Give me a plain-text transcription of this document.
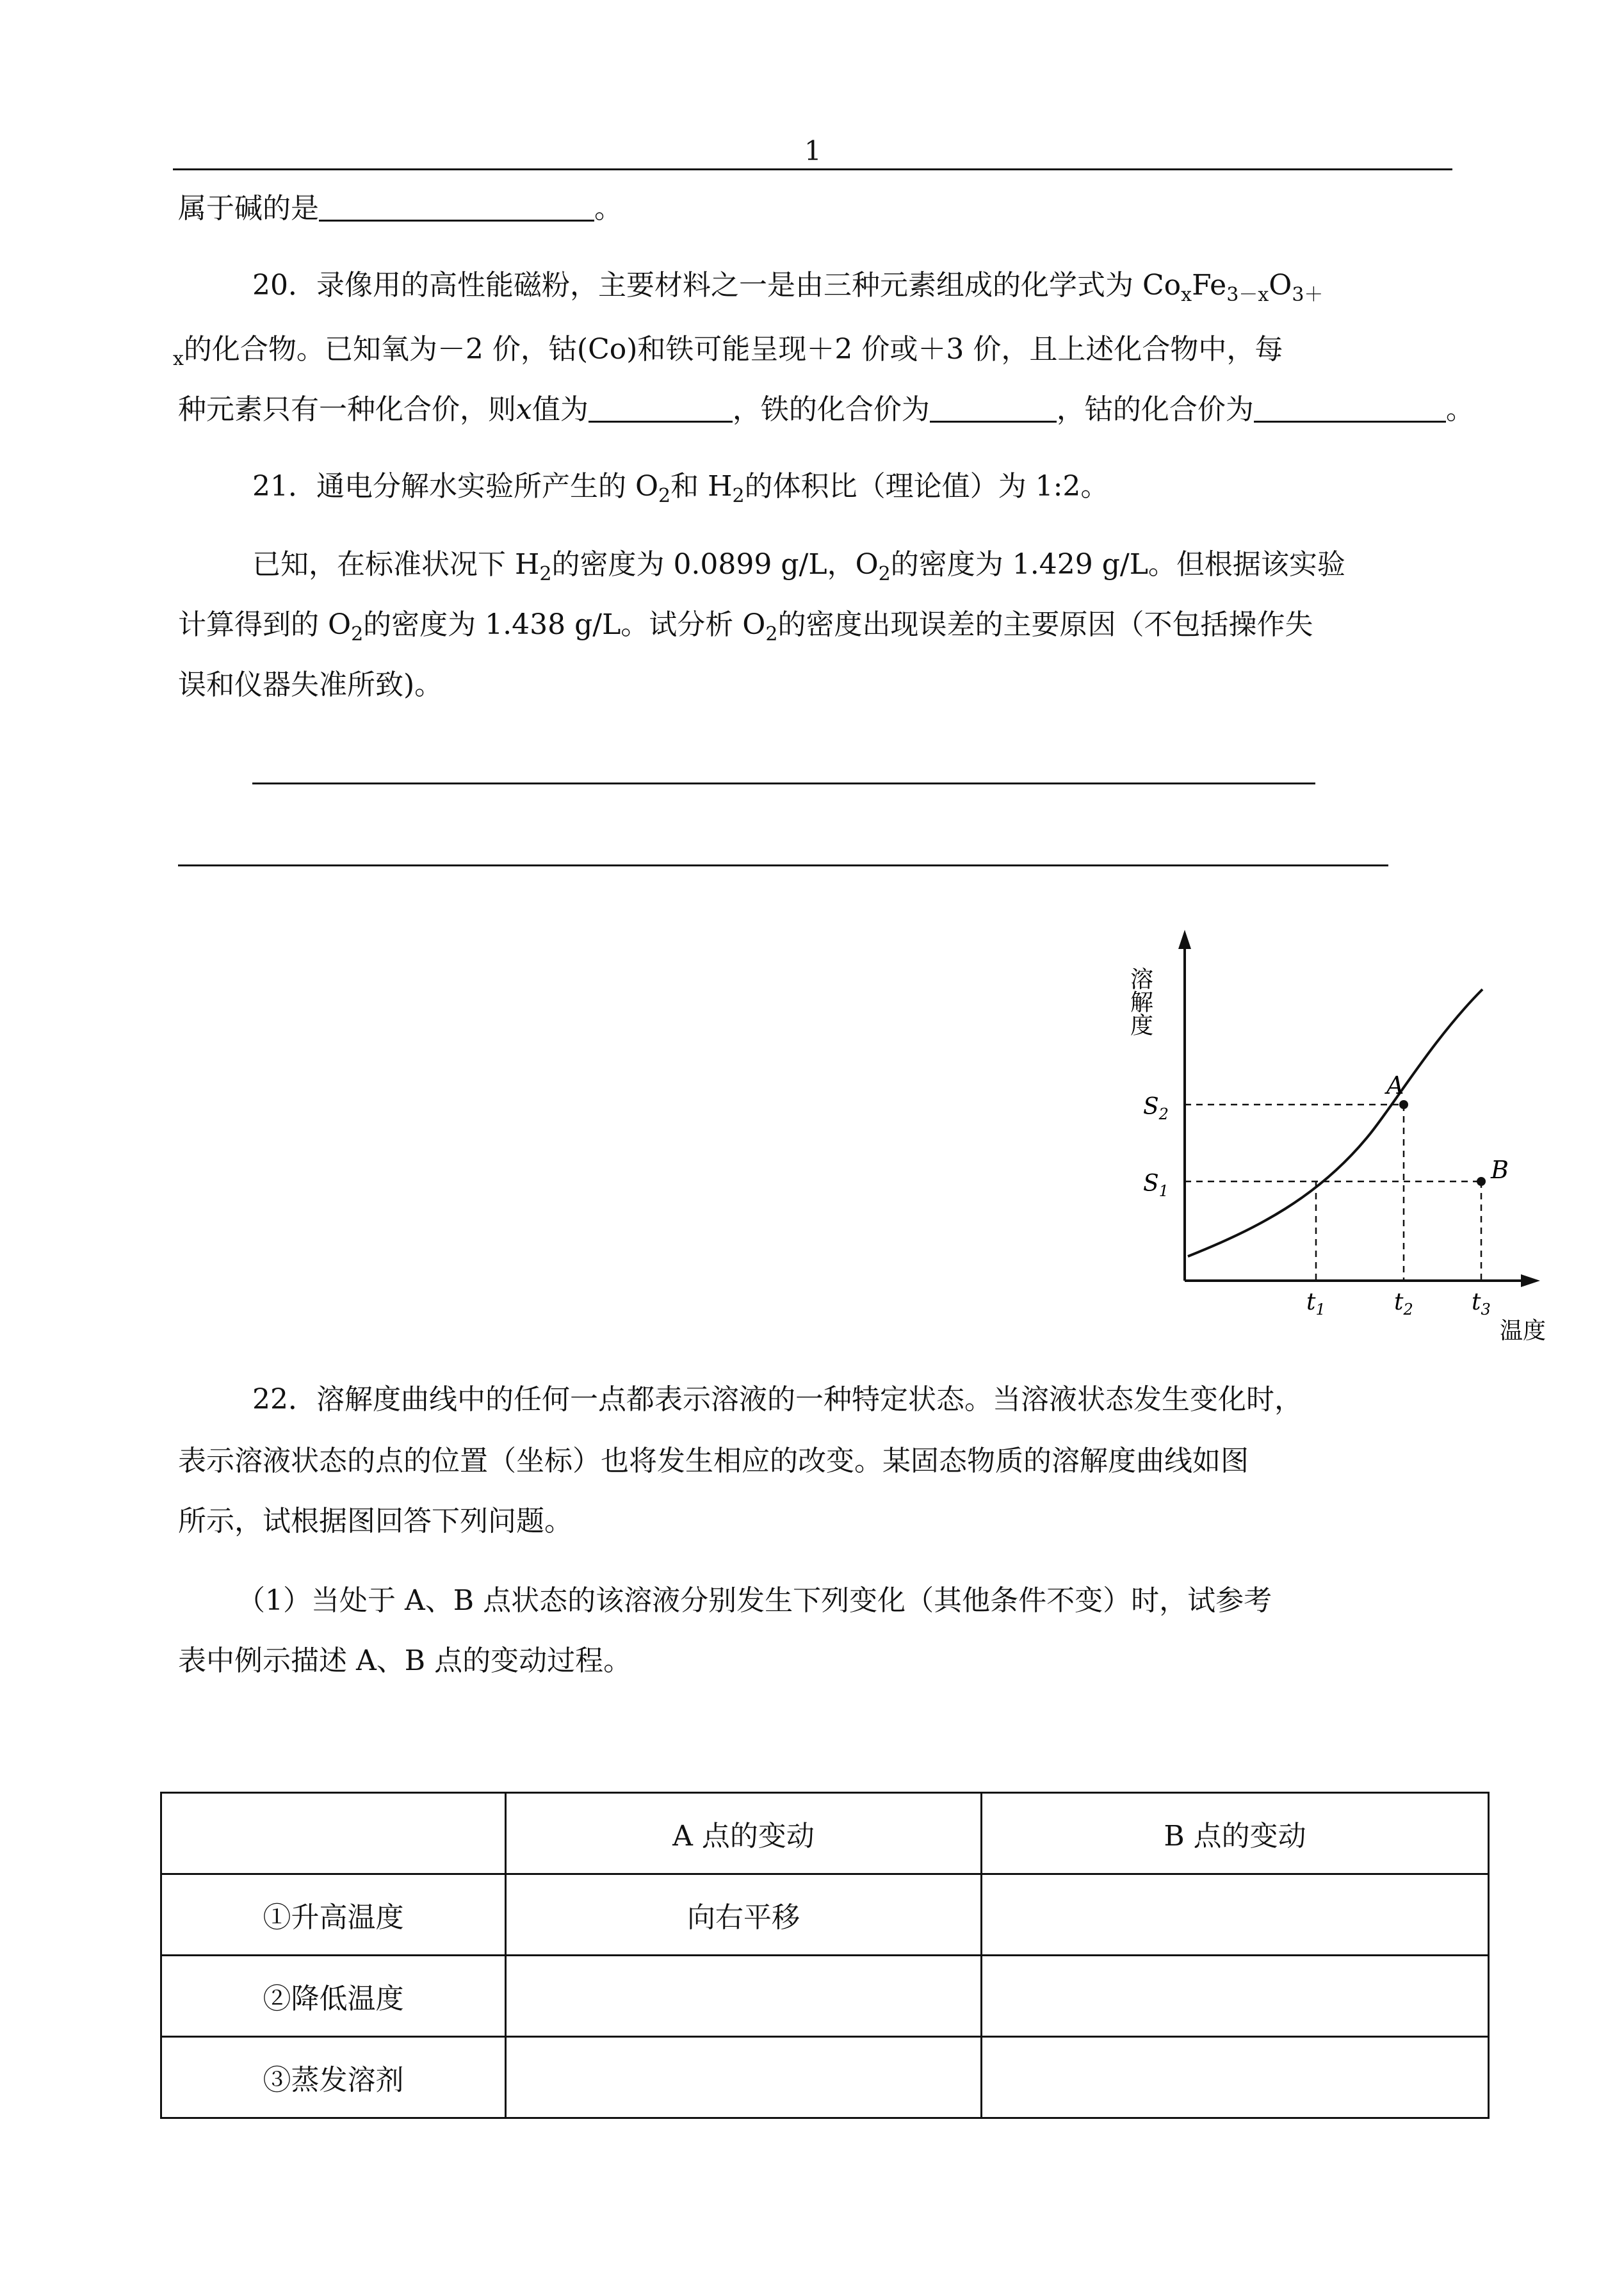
1
属于碱的是	。
20．录像用的高性能磁粉，主要材料之一是由三种元素组成的化学式为 $Co_xFe_{3-x}O_{3+}$
$_x$的化合物。已知氧为－2 价，钴(Co)和铁可能呈现＋2 价或＋3 价，且上述化合物中，每
种元素只有一种化合价，则x值为	，铁的化合价为	，钴的化合价为	。
21．通电分解水实验所产生的 $O_2$和 $H_2$的体积比（理论值）为 1:2。
已知，在标准状况下 $H_2$的密度为 0.0899 g/L，$O_2$的密度为 1.429 g/L。但根据该实验
计算得到的 $O_2$的密度为 1.438 g/L。试分析 $O_2$的密度出现误差的主要原因（不包括操作失
误和仪器失准所致)。
溶解度
温度
$S_2$
$S_1$
$t_1$	$t_2$	$t_3$
A
B
22．溶解度曲线中的任何一点都表示溶液的一种特定状态。当溶液状态发生变化时，
表示溶液状态的点的位置（坐标）也将发生相应的改变。某固态物质的溶解度曲线如图
所示，试根据图回答下列问题。
（1）当处于 A、B 点状态的该溶液分别发生下列变化（其他条件不变）时，试参考
表中例示描述 A、B 点的变动过程。
	A 点的变动	B 点的变动
①升高温度	向右平移	
②降低温度		
③蒸发溶剂		
